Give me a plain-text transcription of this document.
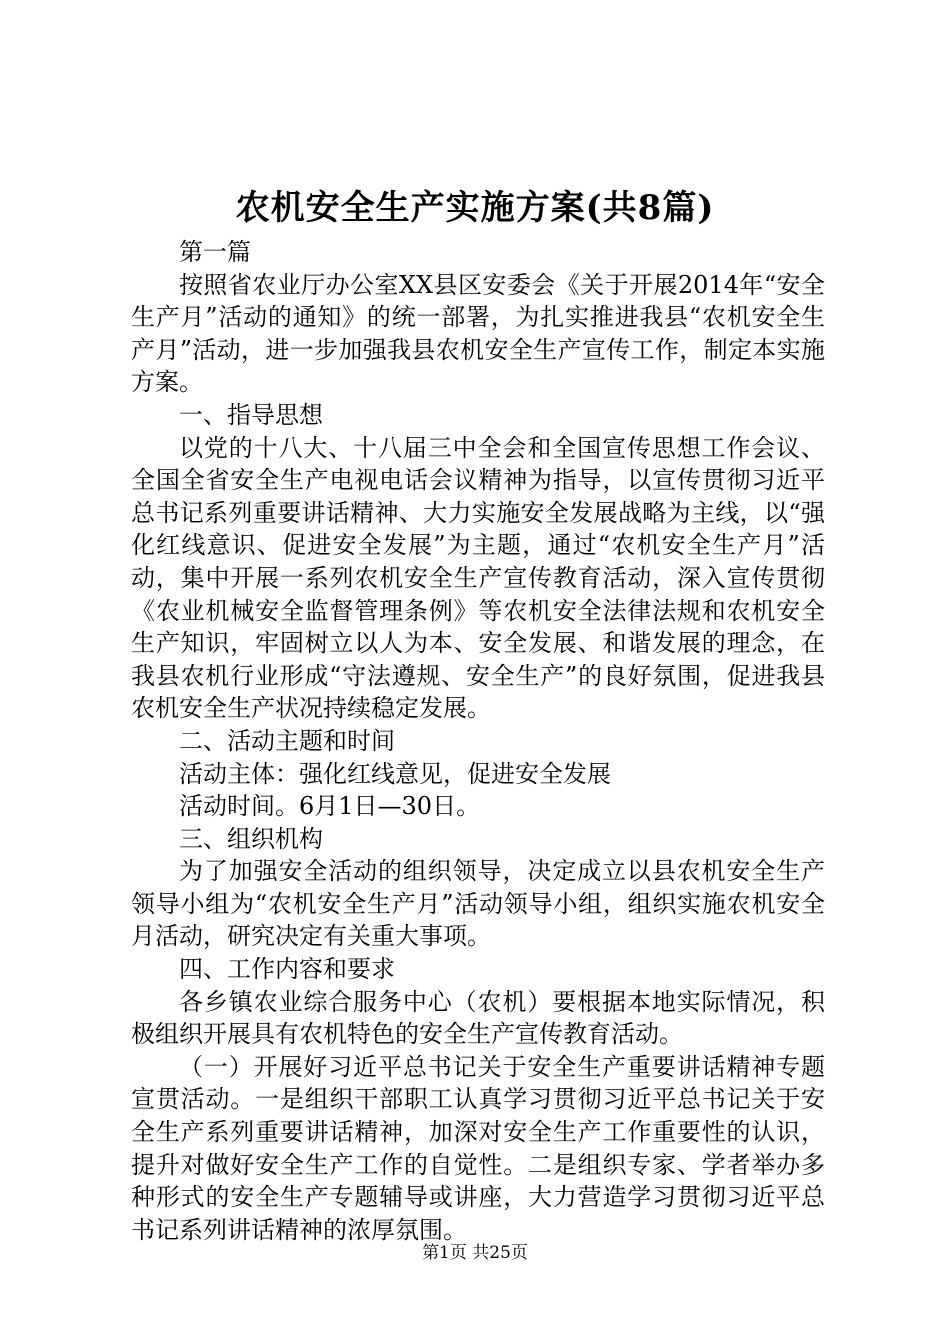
农机安全生产实施方案(共8篇)

第一篇

按照省农业厅办公室XX县区安委会《关于开展2014年“安全生产月”活动的通知》的统一部署，为扎实推进我县“农机安全生产月”活动，进一步加强我县农机安全生产宣传工作，制定本实施方案。

一、指导思想

以党的十八大、十八届三中全会和全国宣传思想工作会议、全国全省安全生产电视电话会议精神为指导，以宣传贯彻习近平总书记系列重要讲话精神、大力实施安全发展战略为主线，以“强化红线意识、促进安全发展”为主题，通过“农机安全生产月”活动，集中开展一系列农机安全生产宣传教育活动，深入宣传贯彻《农业机械安全监督管理条例》等农机安全法律法规和农机安全生产知识，牢固树立以人为本、安全发展、和谐发展的理念，在我县农机行业形成“守法遵规、安全生产”的良好氛围，促进我县农机安全生产状况持续稳定发展。

二、活动主题和时间

活动主体：强化红线意见，促进安全发展

活动时间。6月1日—30日。

三、组织机构

为了加强安全活动的组织领导，决定成立以县农机安全生产领导小组为“农机安全生产月”活动领导小组，组织实施农机安全月活动，研究决定有关重大事项。

四、工作内容和要求

各乡镇农业综合服务中心（农机）要根据本地实际情况，积极组织开展具有农机特色的安全生产宣传教育活动。

（一）开展好习近平总书记关于安全生产重要讲话精神专题宣贯活动。一是组织干部职工认真学习贯彻习近平总书记关于安全生产系列重要讲话精神，加深对安全生产工作重要性的认识，提升对做好安全生产工作的自觉性。二是组织专家、学者举办多种形式的安全生产专题辅导或讲座，大力营造学习贯彻习近平总书记系列讲话精神的浓厚氛围。

第1页 共25页
